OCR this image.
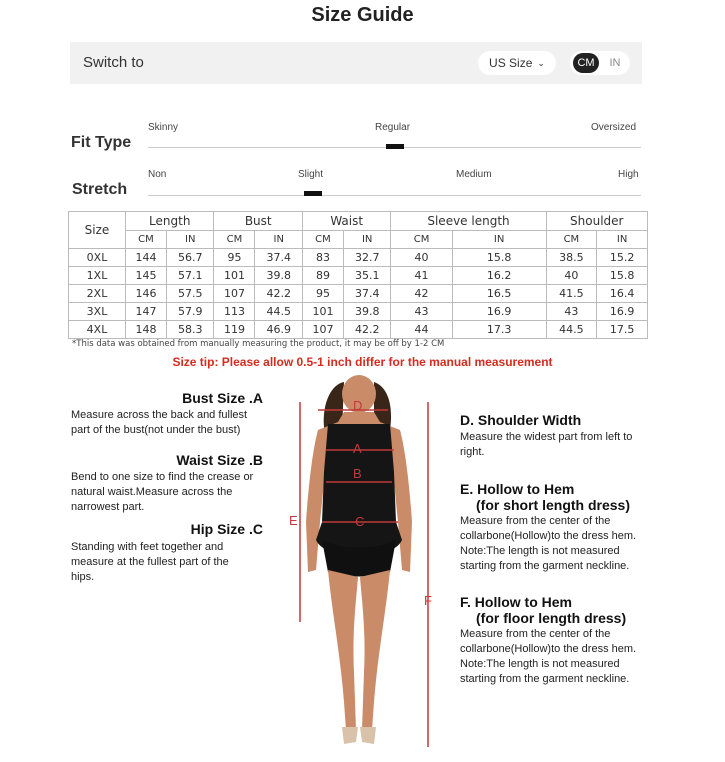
Size Guide
Switch to	US Size ⌄	CM	IN
Fit Type
Skinny	Regular	Oversized
Stretch
Non	Slight	Medium	High
Size	Length		Bust		Waist		Sleeve length		Shoulder	
	CM	IN	CM	IN	CM	IN	CM	IN	CM	IN
0XL	144	56.7	95	37.4	83	32.7	40	15.8	38.5	15.2
1XL	145	57.1	101	39.8	89	35.1	41	16.2	40	15.8
2XL	146	57.5	107	42.2	95	37.4	42	16.5	41.5	16.4
3XL	147	57.9	113	44.5	101	39.8	43	16.9	43	16.9
4XL	148	58.3	119	46.9	107	42.2	44	17.3	44.5	17.5
*This data was obtained from manually measuring the product, it may be off by 1-2 CM
Size tip: Please allow 0.5-1 inch differ for the manual measurement
Bust Size .A
Measure across the back and fullest part of the bust(not under the bust)
Waist Size .B
Bend to one size to find the crease or natural waist.Measure across the narrowest part.
Hip Size .C
Standing with feet together and measure at the fullest part of the hips.
D. Shoulder Width
Measure the widest part from left to right.
E. Hollow to Hem
(for short length dress)
Measure from the center of the collarbone(Hollow)to the dress hem. Note:The length is not measured starting from the garment neckline.
F. Hollow to Hem
(for floor length dress)
Measure from the center of the collarbone(Hollow)to the dress hem. Note:The length is not measured starting from the garment neckline.
D
A
B
C
E
F
